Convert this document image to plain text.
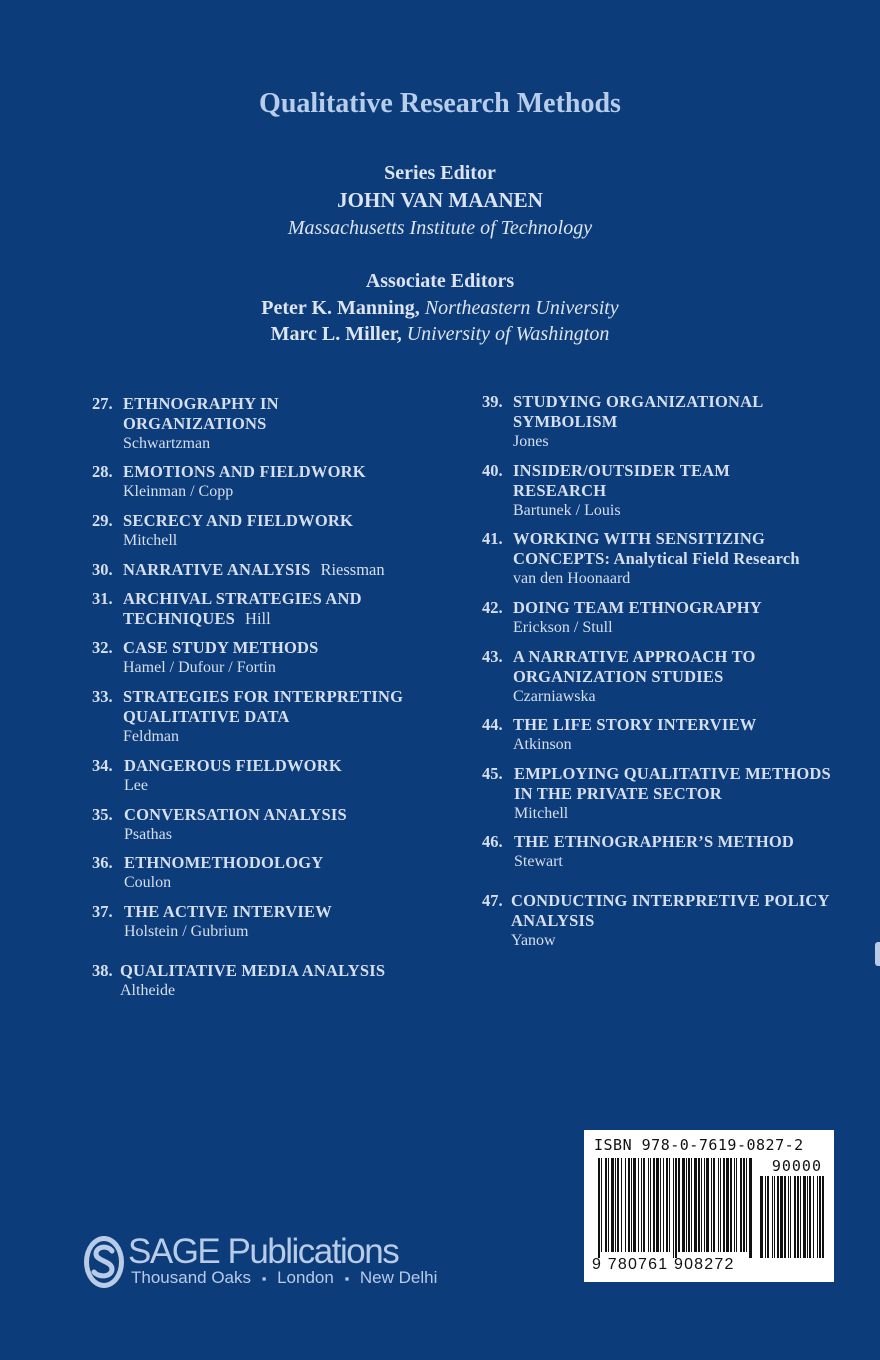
Qualitative Research Methods
Series Editor
JOHN VAN MAANEN
Massachusetts Institute of Technology
Associate Editors
Peter K. Manning, Northeastern University
Marc L. Miller, University of Washington
27. ETHNOGRAPHY IN
ORGANIZATIONS
Schwartzman
28. EMOTIONS AND FIELDWORK
Kleinman / Copp
29. SECRECY AND FIELDWORK
Mitchell
30. NARRATIVE ANALYSIS Riessman
31. ARCHIVAL STRATEGIES AND
TECHNIQUES Hill
32. CASE STUDY METHODS
Hamel / Dufour / Fortin
33. STRATEGIES FOR INTERPRETING
QUALITATIVE DATA
Feldman
34. DANGEROUS FIELDWORK
Lee
35. CONVERSATION ANALYSIS
Psathas
36. ETHNOMETHODOLOGY
Coulon
37. THE ACTIVE INTERVIEW
Holstein / Gubrium
38. QUALITATIVE MEDIA ANALYSIS
Altheide
39. STUDYING ORGANIZATIONAL
SYMBOLISM
Jones
40. INSIDER/OUTSIDER TEAM
RESEARCH
Bartunek / Louis
41. WORKING WITH SENSITIZING
CONCEPTS: Analytical Field Research
van den Hoonaard
42. DOING TEAM ETHNOGRAPHY
Erickson / Stull
43. A NARRATIVE APPROACH TO
ORGANIZATION STUDIES
Czarniawska
44. THE LIFE STORY INTERVIEW
Atkinson
45. EMPLOYING QUALITATIVE METHODS
IN THE PRIVATE SECTOR
Mitchell
46. THE ETHNOGRAPHER’S METHOD
Stewart
47. CONDUCTING INTERPRETIVE POLICY
ANALYSIS
Yanow
ISBN 978-0-7619-0827-2
90000
9 780761 908272
SAGE Publications
Thousand Oaks ▪ London ▪ New Delhi
